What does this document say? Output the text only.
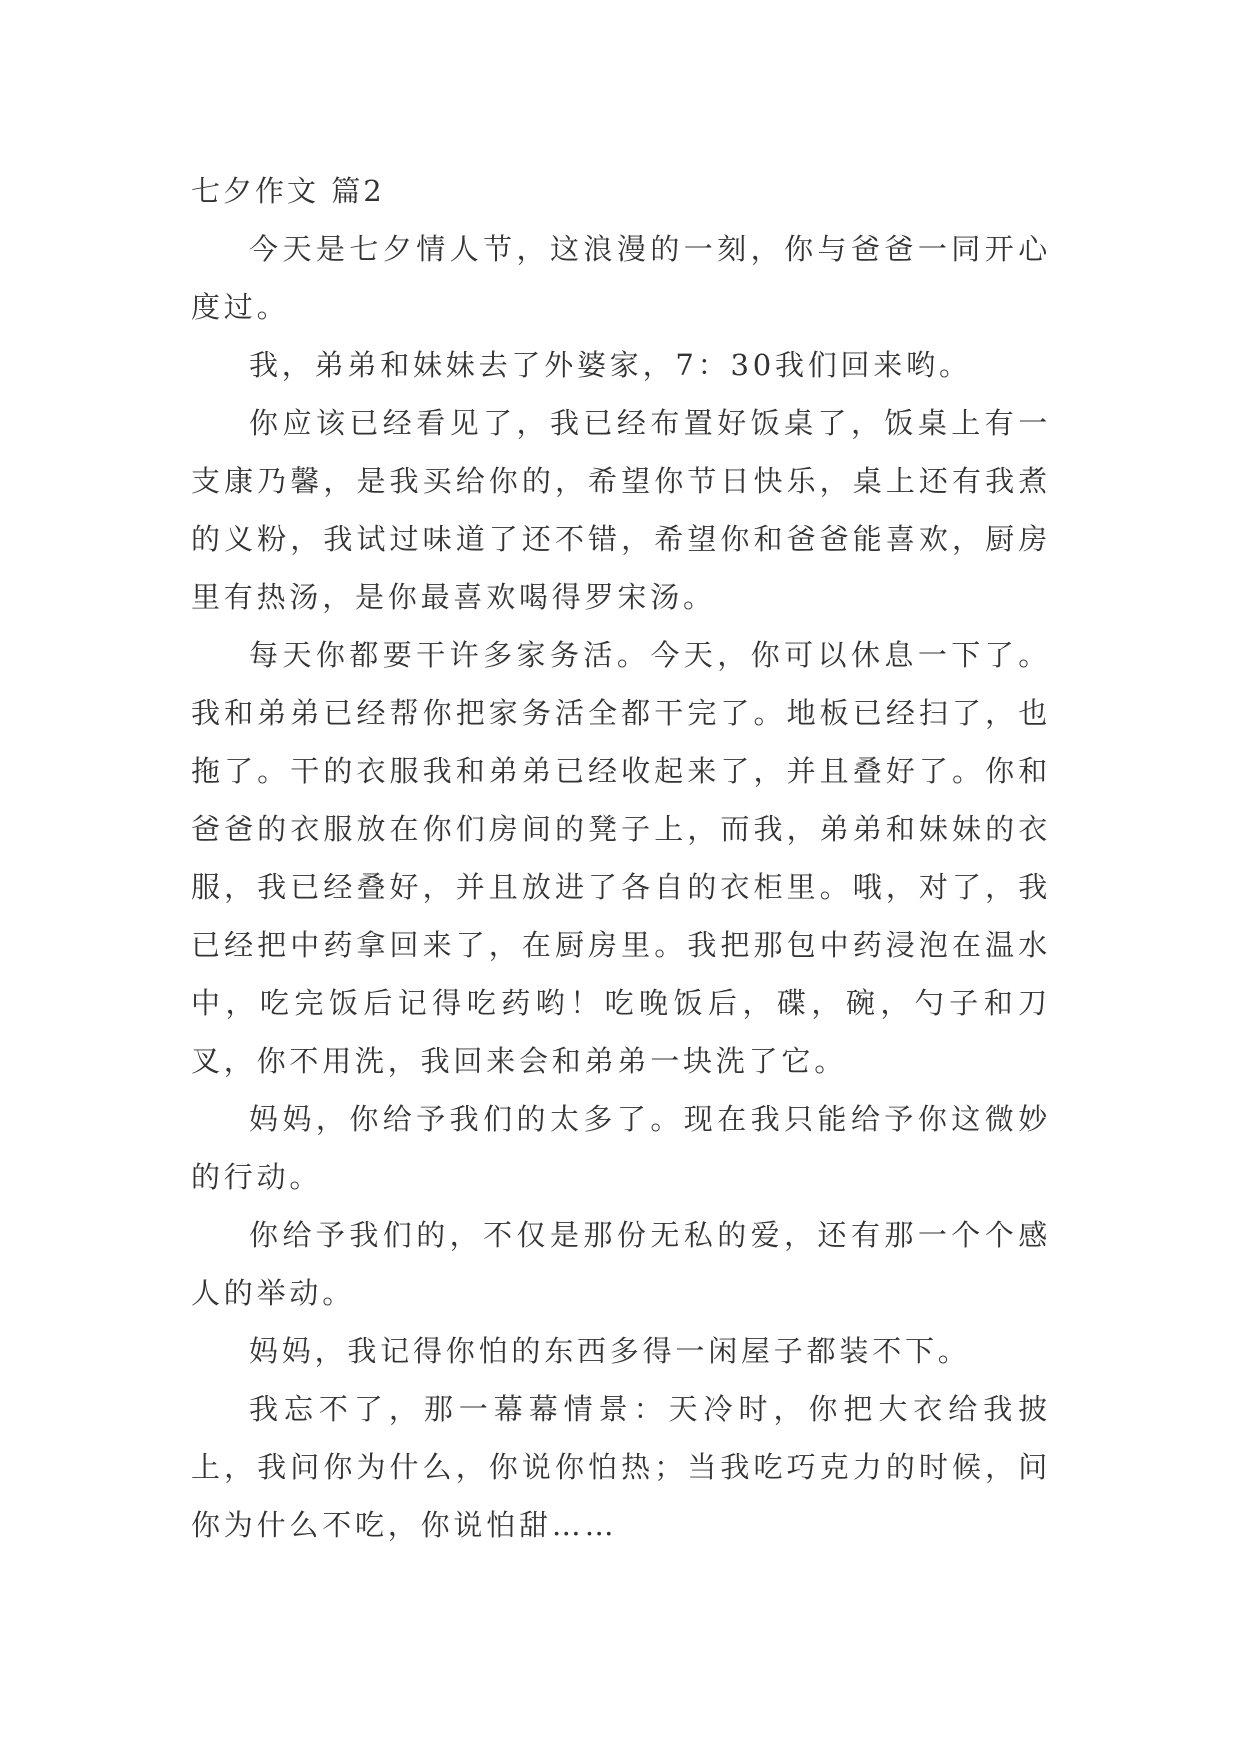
七夕作文 篇2

今天是七夕情人节，这浪漫的一刻，你与爸爸一同开心度过。

我，弟弟和妹妹去了外婆家，7：30我们回来哟。

你应该已经看见了，我已经布置好饭桌了，饭桌上有一支康乃馨，是我买给你的，希望你节日快乐，桌上还有我煮的义粉，我试过味道了还不错，希望你和爸爸能喜欢，厨房里有热汤，是你最喜欢喝得罗宋汤。

每天你都要干许多家务活。今天，你可以休息一下了。我和弟弟已经帮你把家务活全都干完了。地板已经扫了，也拖了。干的衣服我和弟弟已经收起来了，并且叠好了。你和爸爸的衣服放在你们房间的凳子上，而我，弟弟和妹妹的衣服，我已经叠好，并且放进了各自的衣柜里。哦，对了，我已经把中药拿回来了，在厨房里。我把那包中药浸泡在温水中，吃完饭后记得吃药哟！吃晚饭后，碟，碗，勺子和刀叉，你不用洗，我回来会和弟弟一块洗了它。

妈妈，你给予我们的太多了。现在我只能给予你这微妙的行动。

你给予我们的，不仅是那份无私的爱，还有那一个个感人的举动。

妈妈，我记得你怕的东西多得一闲屋子都装不下。

我忘不了，那一幕幕情景：天冷时，你把大衣给我披上，我问你为什么，你说你怕热；当我吃巧克力的时候，问你为什么不吃，你说怕甜……
